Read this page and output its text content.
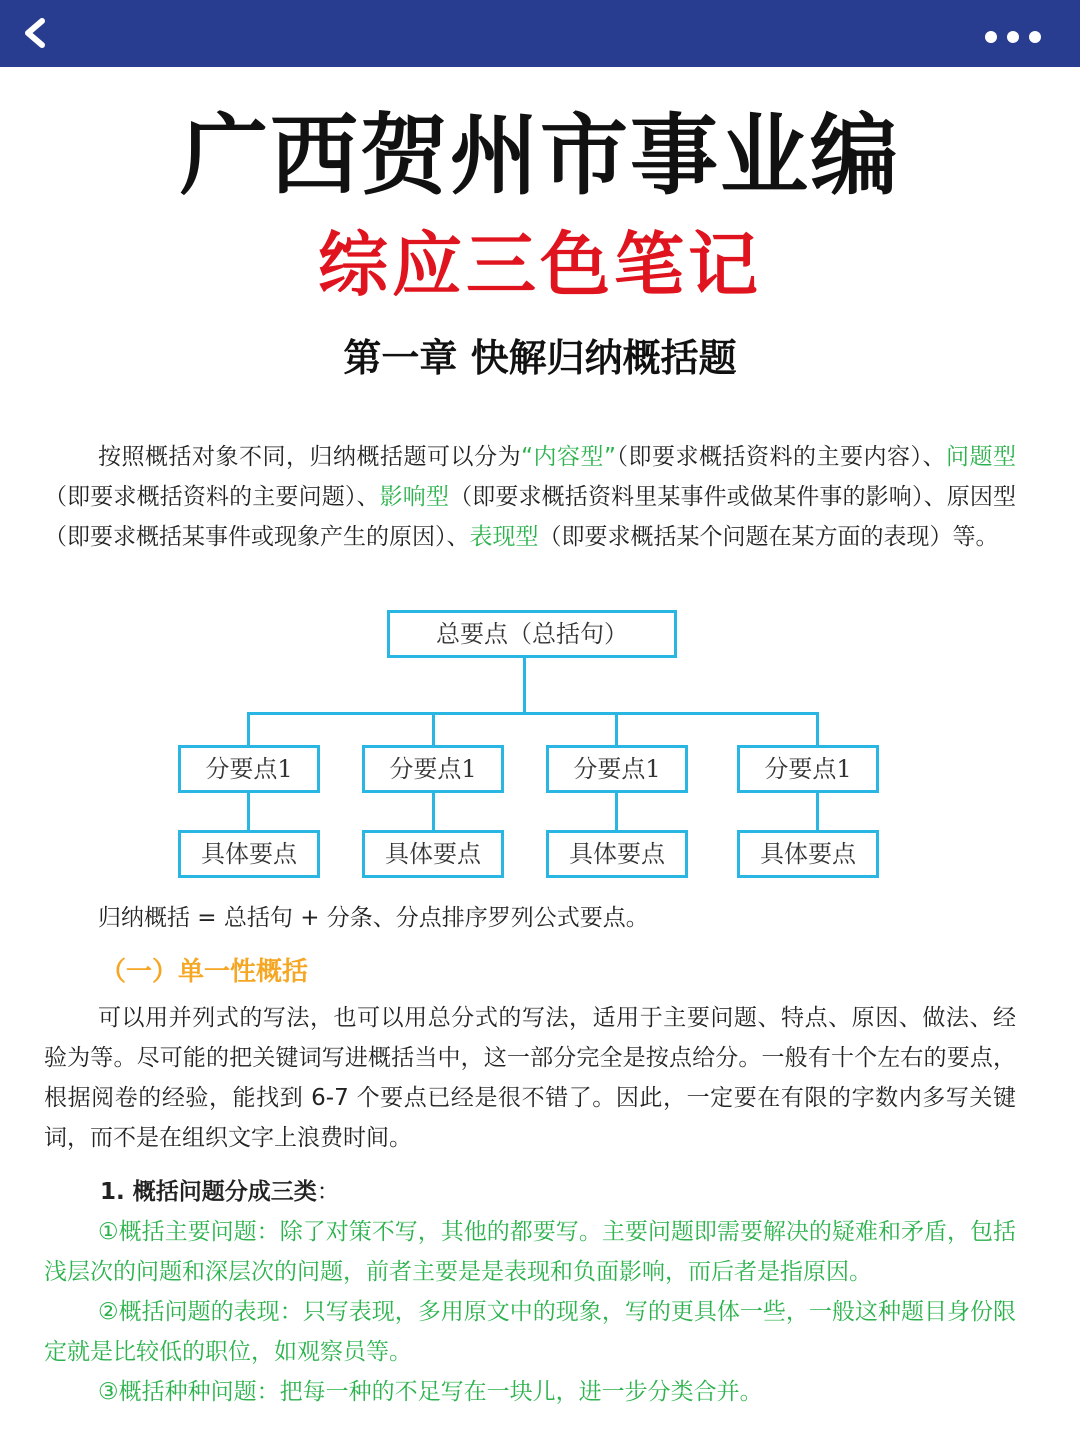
广西贺州市事业编
综应三色笔记
第一章 快解归纳概括题
按照概括对象不同，归纳概括题可以分为“内容型”（即要求概括资料的主要内容）、问题型（即要求概括资料的主要问题）、影响型（即要求概括资料里某事件或做某件事的影响）、原因型（即要求概括某事件或现象产生的原因）、表现型（即要求概括某个问题在某方面的表现）等。
总要点（总括句）
分要点1	分要点1	分要点1	分要点1
具体要点	具体要点	具体要点	具体要点
归纳概括 = 总括句 + 分条、分点排序罗列公式要点。
（一）单一性概括
可以用并列式的写法，也可以用总分式的写法，适用于主要问题、特点、原因、做法、经验为等。尽可能的把关键词写进概括当中，这一部分完全是按点给分。一般有十个左右的要点，根据阅卷的经验，能找到 6-7 个要点已经是很不错了。因此，一定要在有限的字数内多写关键词，而不是在组织文字上浪费时间。
1. 概括问题分成三类：
①概括主要问题：除了对策不写，其他的都要写。主要问题即需要解决的疑难和矛盾，包括浅层次的问题和深层次的问题，前者主要是是表现和负面影响，而后者是指原因。
②概括问题的表现：只写表现，多用原文中的现象，写的更具体一些，一般这种题目身份限定就是比较低的职位，如观察员等。
③概括种种问题：把每一种的不足写在一块儿，进一步分类合并。
